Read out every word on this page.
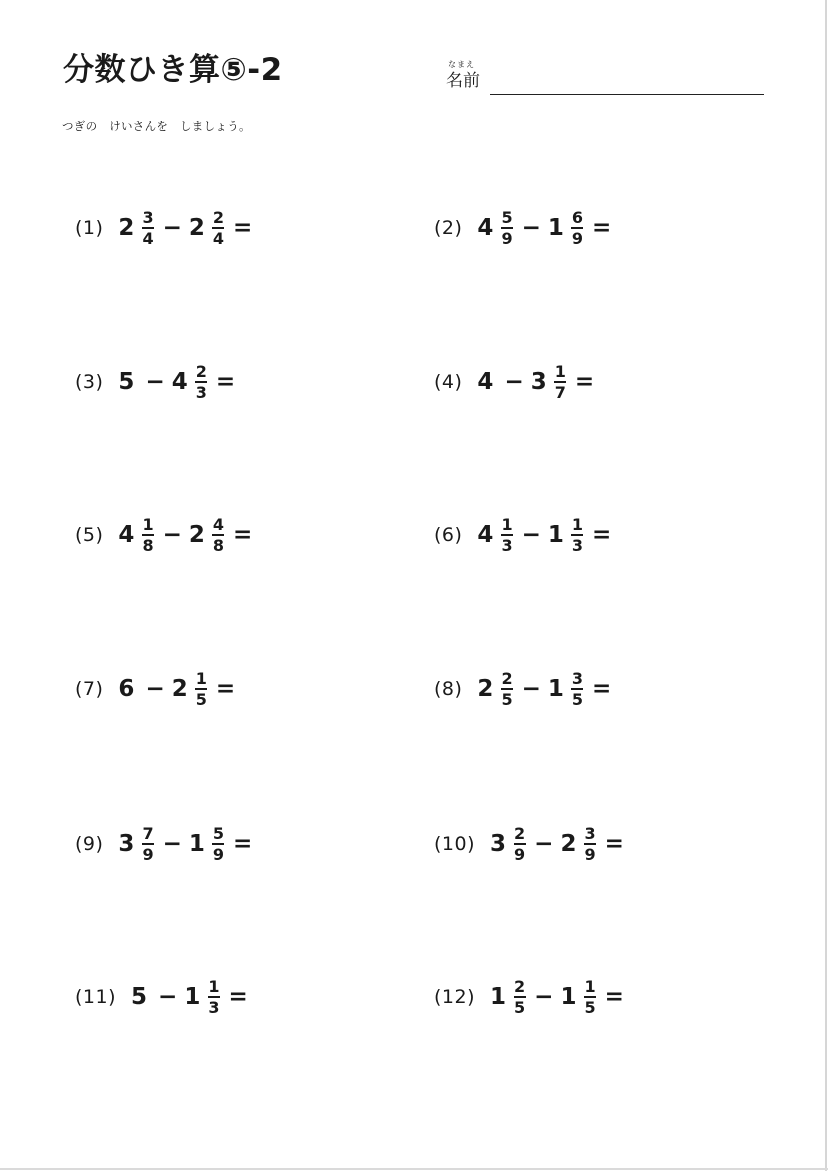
分数ひき算⑤-2	なまえ
名前
つぎの　けいさんを　しましょう。
(1) $2 \frac{3}{4} - 2 \frac{2}{4}$ =	(2) $4 \frac{5}{9} - 1 \frac{6}{9}$ =
(3) $5 - 4 \frac{2}{3}$ =	(4) $4 - 3 \frac{1}{7}$ =
(5) $4 \frac{1}{8} - 2 \frac{4}{8}$ =	(6) $4 \frac{1}{3} - 1 \frac{1}{3}$ =
(7) $6 - 2 \frac{1}{5}$ =	(8) $2 \frac{2}{5} - 1 \frac{3}{5}$ =
(9) $3 \frac{7}{9} - 1 \frac{5}{9}$ =	(10) $3 \frac{2}{9} - 2 \frac{3}{9}$ =
(11) $5 - 1 \frac{1}{3}$ =	(12) $1 \frac{2}{5} - 1 \frac{1}{5}$ =
